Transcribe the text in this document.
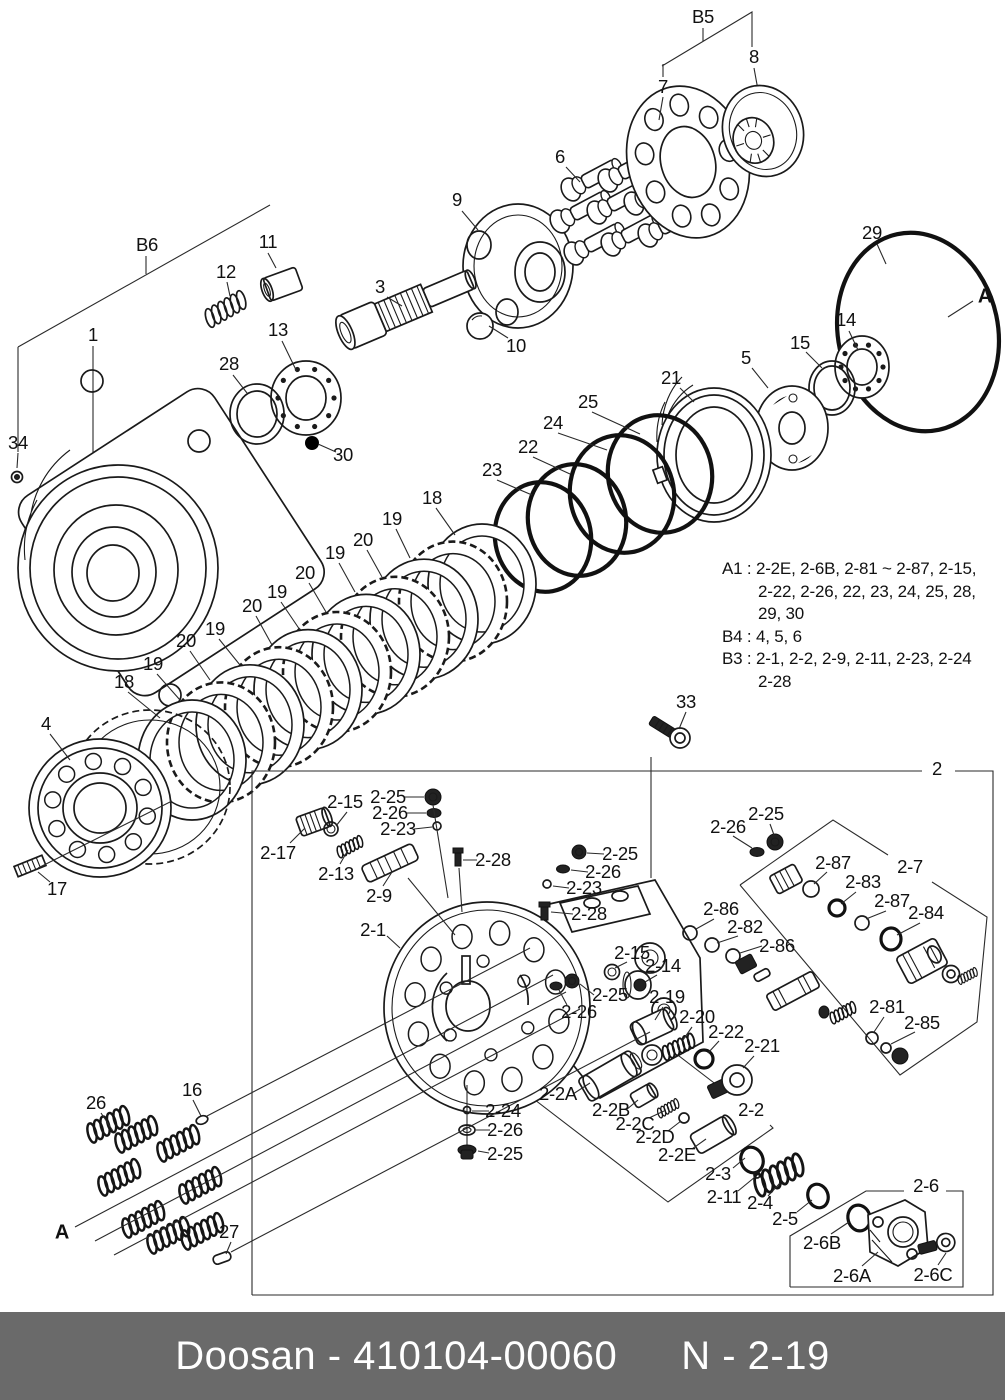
B5
7
8
6
9
3
10
29
A
14
15
5
21
B6	11
12
13
28
30
1
34
25
24
22
23
18
19
20
19
20
19
20
19
20
19
18
4
17
33
2
16
26
27
A
2-15 2-25
2-26
2-23
2-17
2-13
2-9
2-28
2-1
2-25
2-26
2-23
2-28
2-26
2-25
2-86
2-82
2-86
2-87
2-83
2-87
2-84
2-7
2-15
2-14
2-25
2-26
2-19
2-20
2-22
2-21
2-81
2-85
2-24
2-26
2-25
2-2A
2-2B
2-2C
2-2D
2-2E
2-2
2-3
2-11 2-4
2-5
2-6
2-6B
2-6A 2-6C
A1 : 2-2E, 2-6B, 2-81 ~ 2-87, 2-15,
2-22, 2-26, 22, 23, 24, 25, 28,
29, 30
B4 : 4, 5, 6
B3 : 2-1, 2-2, 2-9, 2-11, 2-23, 2-24
2-28
Doosan - 410104-00060 N - 2-19
